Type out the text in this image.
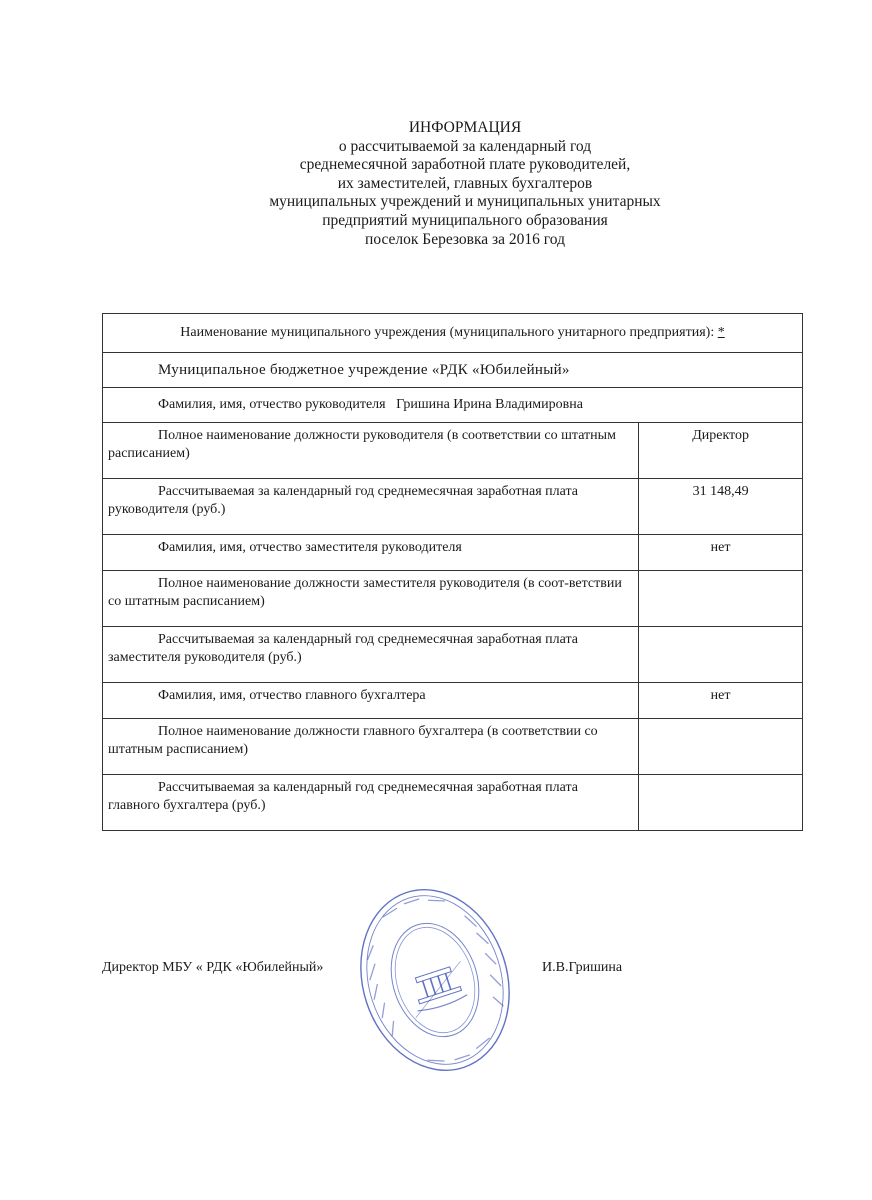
ИНФОРМАЦИЯ
о рассчитываемой за календарный год
среднемесячной заработной плате руководителей,
их заместителей, главных бухгалтеров
муниципальных учреждений и муниципальных унитарных
предприятий муниципального образования
поселок Березовка за 2016 год
Наименование муниципального учреждения (муниципального унитарного предприятия): *	
Муниципальное бюджетное учреждение «РДК «Юбилейный»	
Фамилия, имя, отчество руководителя Гришина Ирина Владимировна	
Полное наименование должности руководителя (в соответствии со штатным расписанием)	Директор
Рассчитываемая за календарный год среднемесячная заработная плата руководителя (руб.)	31 148,49
Фамилия, имя, отчество заместителя руководителя	нет
Полное наименование должности заместителя руководителя (в соот-ветствии со штатным расписанием)	
Рассчитываемая за календарный год среднемесячная заработная плата заместителя руководителя (руб.)	
Фамилия, имя, отчество главного бухгалтера	нет
Полное наименование должности главного бухгалтера (в соответствии со штатным расписанием)	
Рассчитываемая за календарный год среднемесячная заработная плата главного бухгалтера (руб.)	
Директор МБУ « РДК «Юбилейный»	И.В.Гришина
